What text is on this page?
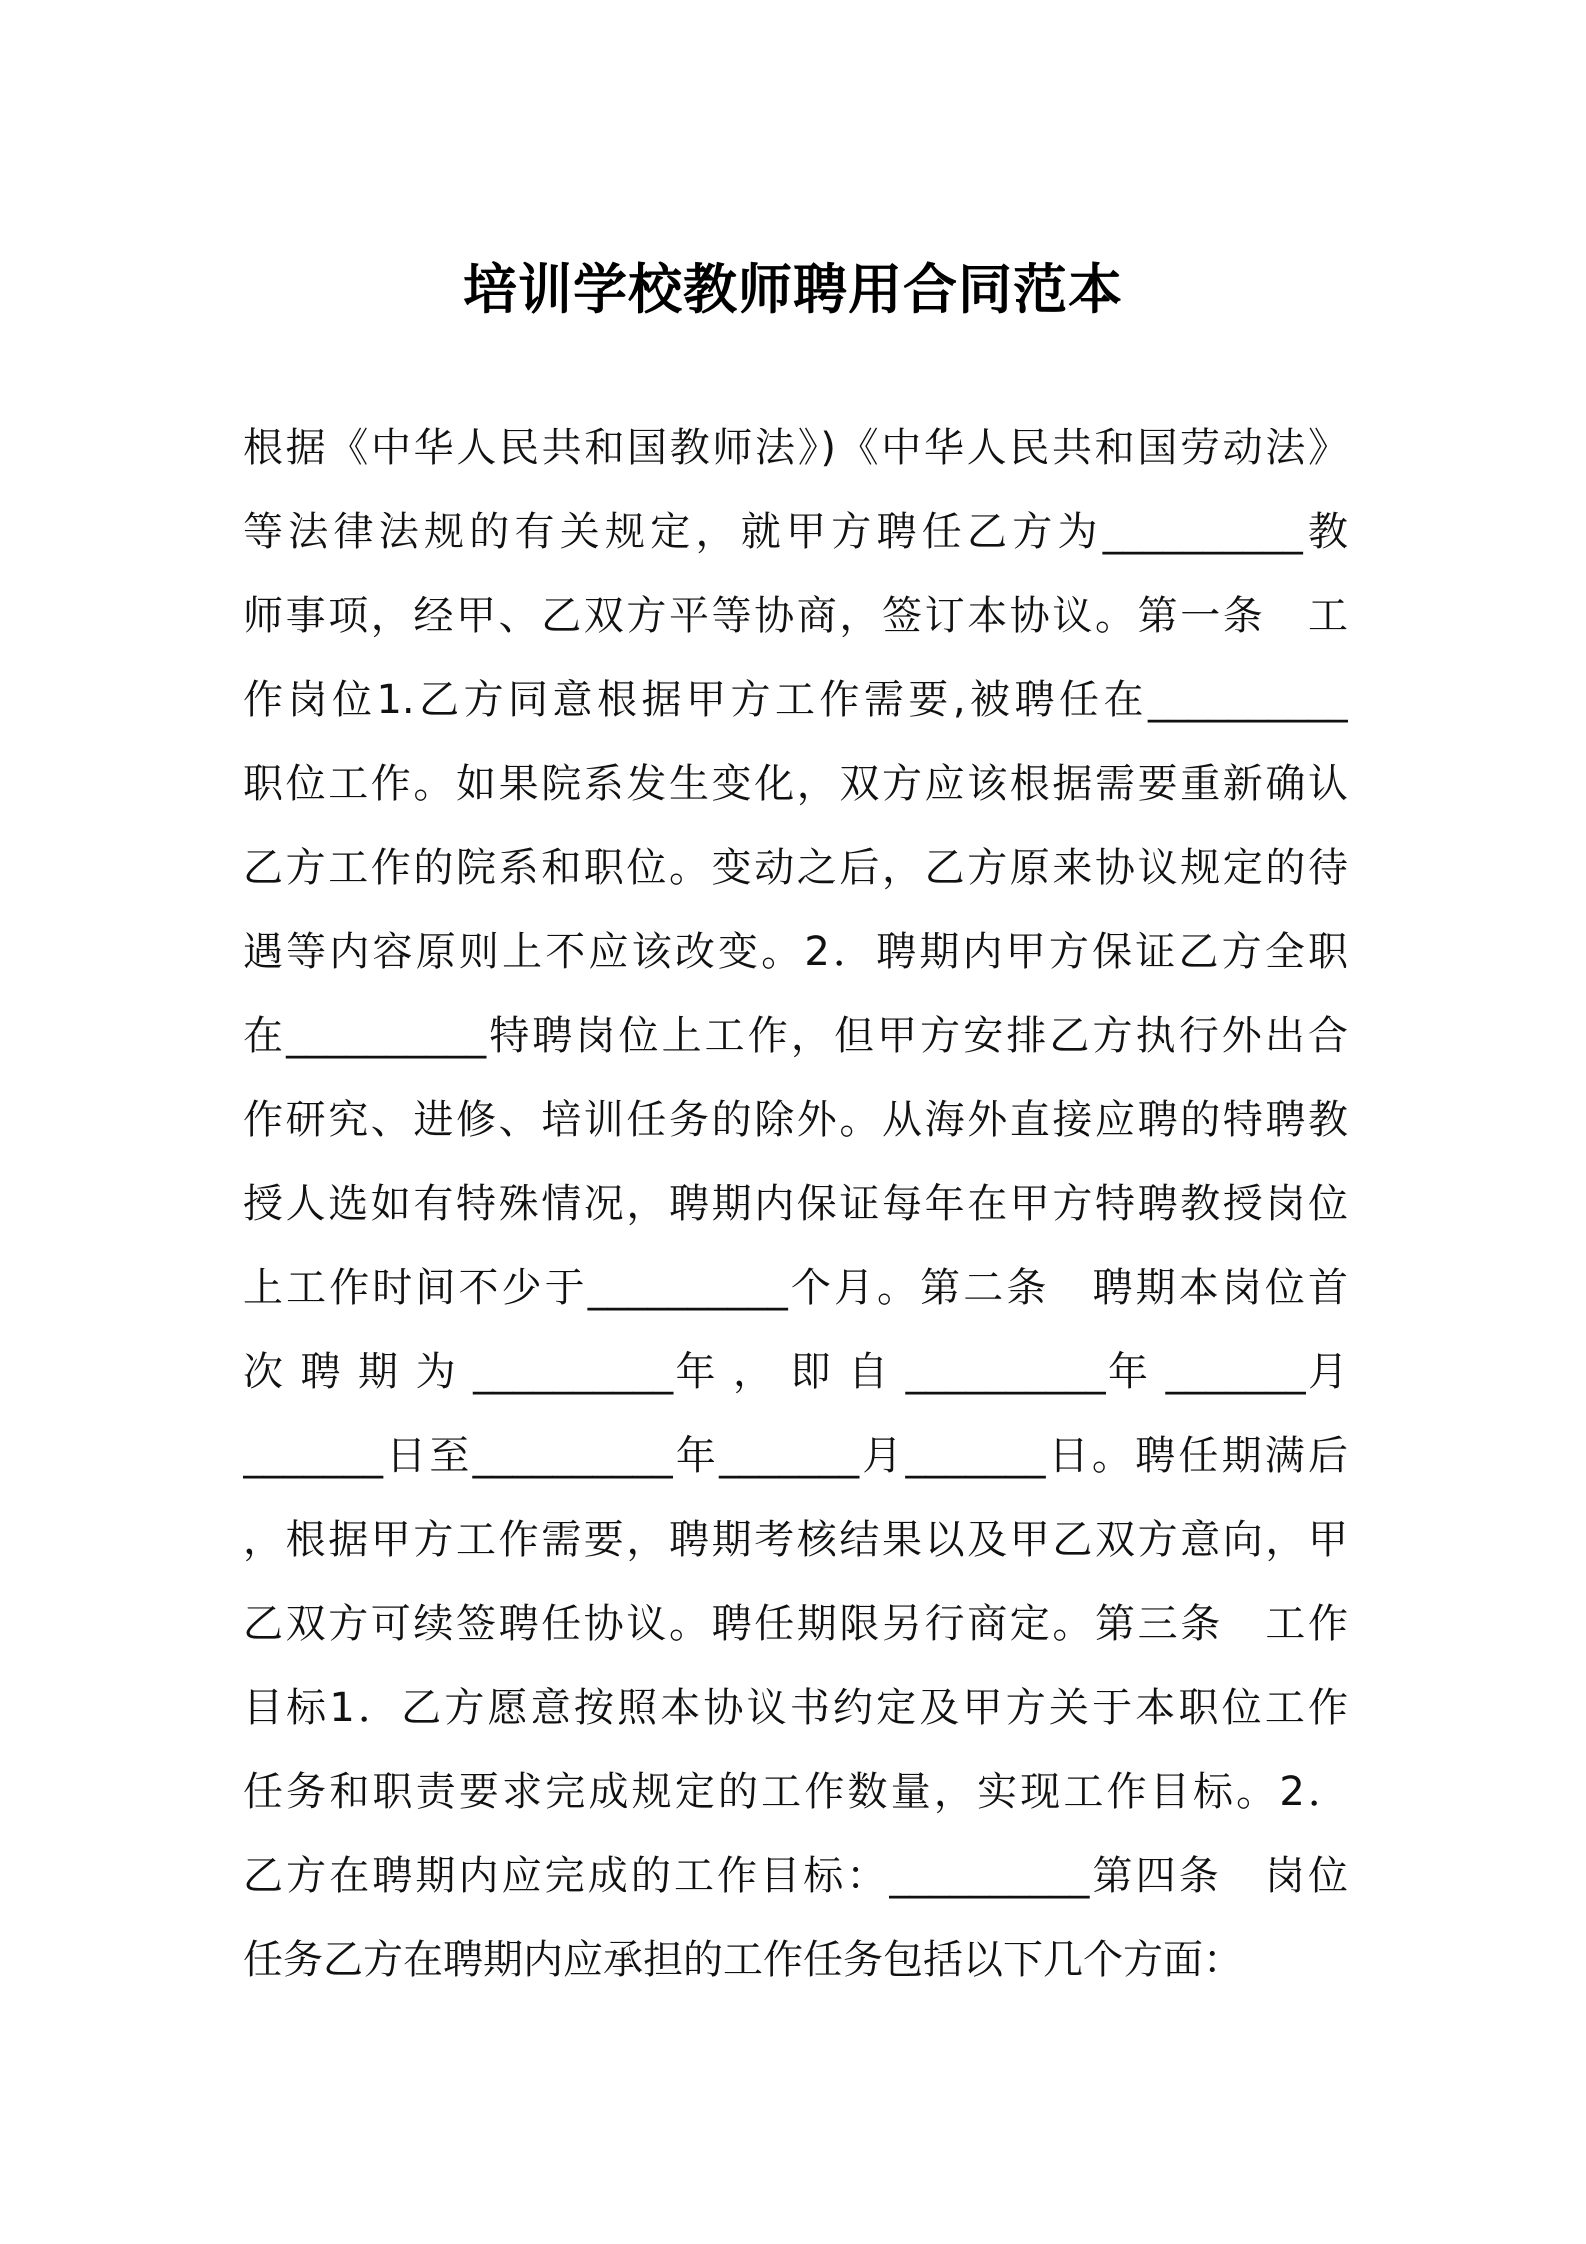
培训学校教师聘用合同范本
根据《中华人民共和国教师法》)《中华人民共和国劳动法》
等法律法规的有关规定，就甲方聘任乙方为__________教
师事项，经甲、乙双方平等协商，签订本协议。第一条　工
作岗位1.乙方同意根据甲方工作需要,被聘任在__________
职位工作。如果院系发生变化，双方应该根据需要重新确认
乙方工作的院系和职位。变动之后，乙方原来协议规定的待
遇等内容原则上不应该改变。2．聘期内甲方保证乙方全职
在__________特聘岗位上工作，但甲方安排乙方执行外出合
作研究、进修、培训任务的除外。从海外直接应聘的特聘教
授人选如有特殊情况，聘期内保证每年在甲方特聘教授岗位
上工作时间不少于__________个月。第二条　聘期本岗位首
次 聘 期 为 __________年 ， 即 自 __________年 _______月
_______日至__________年_______月_______日。聘任期满后
，根据甲方工作需要，聘期考核结果以及甲乙双方意向，甲
乙双方可续签聘任协议。聘任期限另行商定。第三条　工作
目标1．乙方愿意按照本协议书约定及甲方关于本职位工作
任务和职责要求完成规定的工作数量，实现工作目标。2．
乙方在聘期内应完成的工作目标：__________第四条　岗位
任务乙方在聘期内应承担的工作任务包括以下几个方面：
